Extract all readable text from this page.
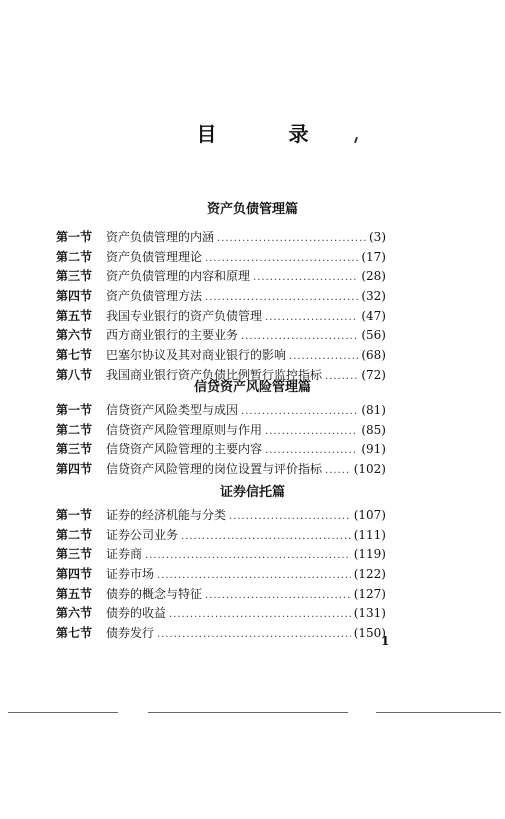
目　录
资产负债管理篇
第一节	资产负债管理的内涵 .....	(3)
第二节	资产负债管理理论 .....	(17)
第三节	资产负债管理的内容和原理 .....	(28)
第四节	资产负债管理方法 .....	(32)
第五节	我国专业银行的资产负债管理 .....	(47)
第六节	西方商业银行的主要业务 .....	(56)
第七节	巴塞尔协议及其对商业银行的影响 .....	(68)
第八节	我国商业银行资产负债比例暂行监控指标 .....	(72)
信贷资产风险管理篇
第一节	信贷资产风险类型与成因 .....	(81)
第二节	信贷资产风险管理原则与作用 .....	(85)
第三节	信贷资产风险管理的主要内容 .....	(91)
第四节	信贷资产风险管理的岗位设置与评价指标 .....	(102)
证券信托篇
第一节	证券的经济机能与分类 .....	(107)
第二节	证券公司业务 .....	(111)
第三节	证券商 .....	(119)
第四节	证券市场 .....	(122)
第五节	债券的概念与特征 .....	(127)
第六节	债券的收益 .....	(131)
第七节	债券发行 .....	(150)
1
